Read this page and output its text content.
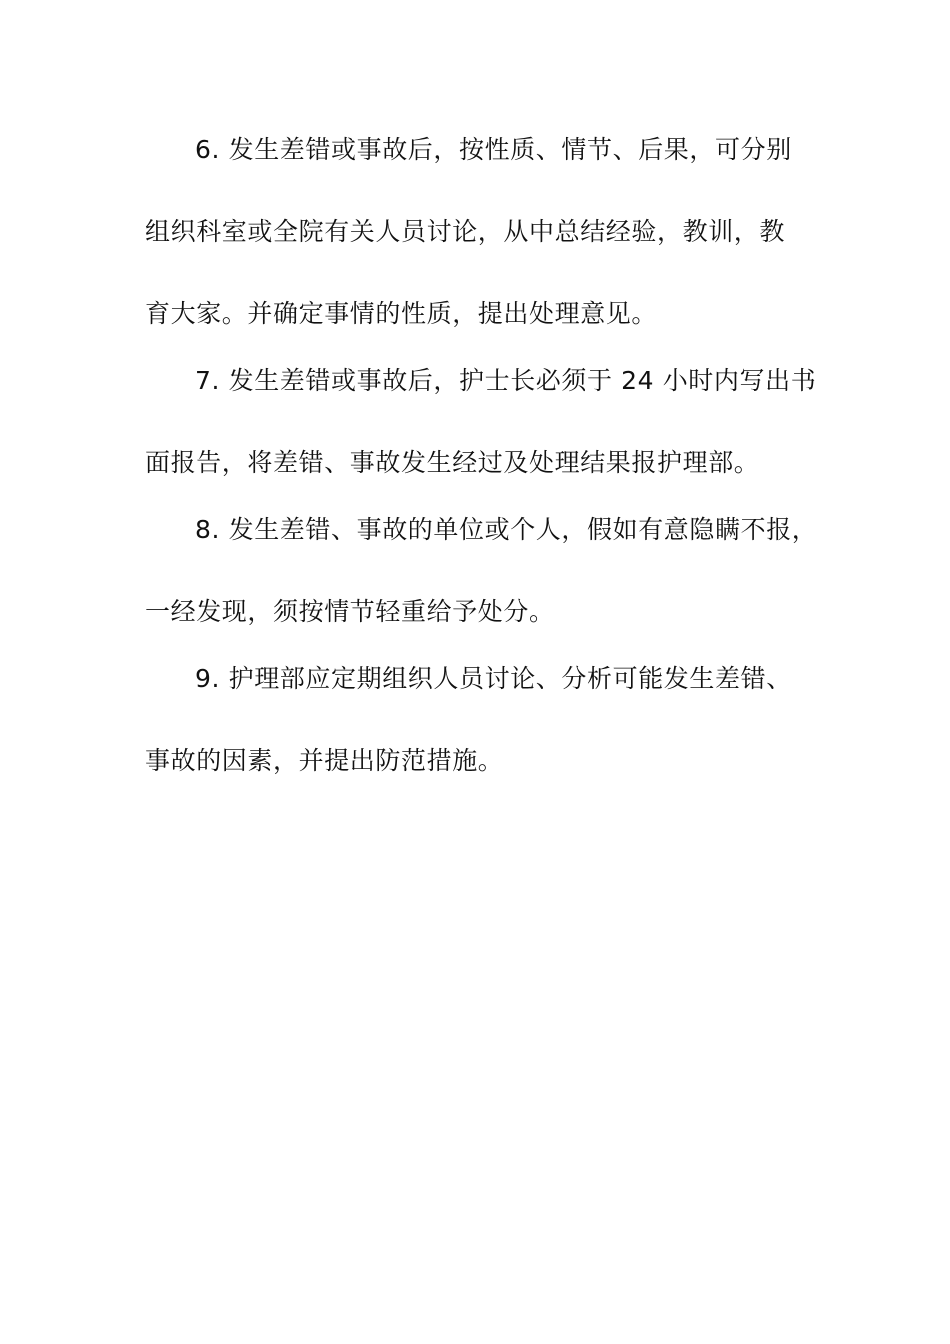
6. 发生差错或事故后，按性质、情节、后果，可分别
组织科室或全院有关人员讨论，从中总结经验，教训，教
育大家。并确定事情的性质，提出处理意见。
7. 发生差错或事故后，护士长必须于 24 小时内写出书
面报告，将差错、事故发生经过及处理结果报护理部。
8. 发生差错、事故的单位或个人，假如有意隐瞒不报，
一经发现，须按情节轻重给予处分。
9. 护理部应定期组织人员讨论、分析可能发生差错、
事故的因素，并提出防范措施。
